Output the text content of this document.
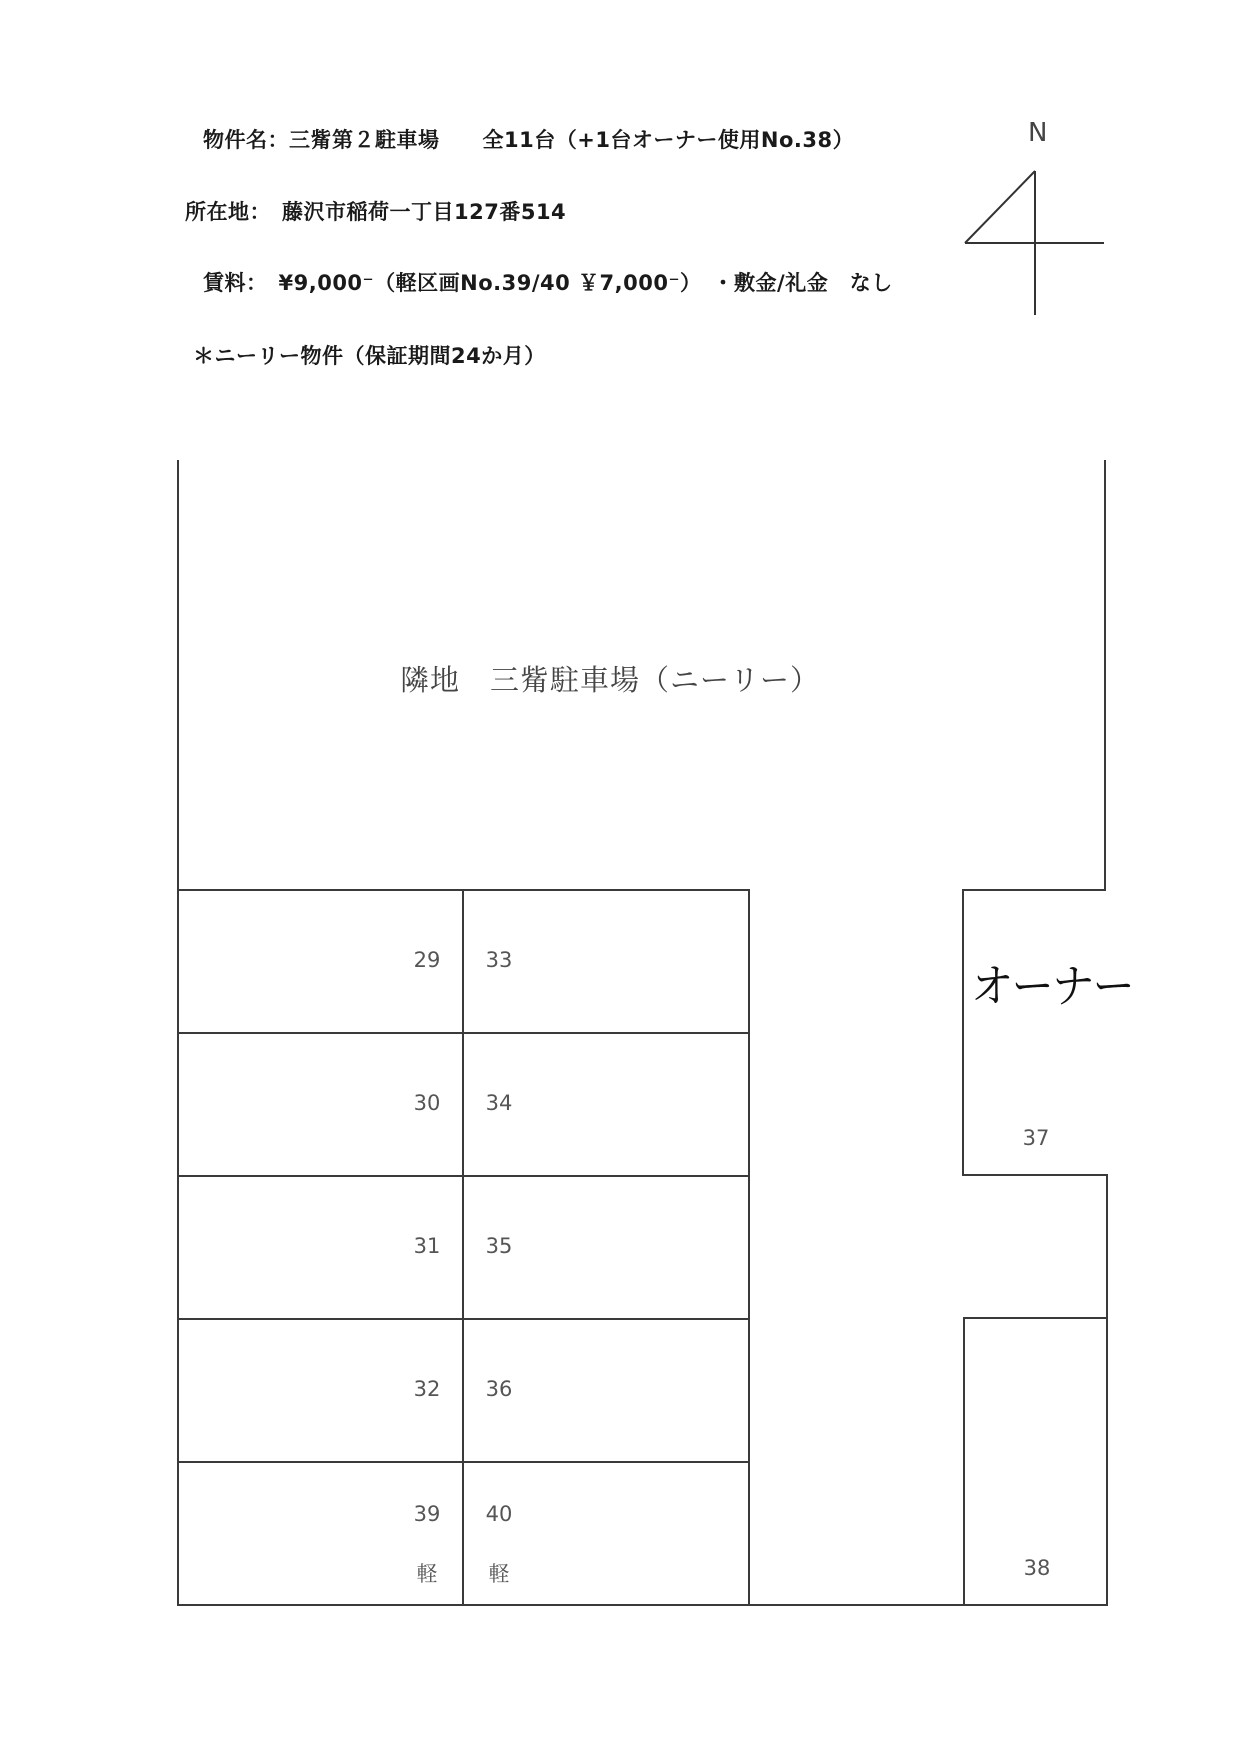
物件名：三觜第２駐車場　　全11台（+1台オーナー使用No.38）
所在地：　藤沢市稲荷一丁目127番514
賃料：　¥9,000⁻（軽区画No.39/40 ￥7,000⁻）　・敷金/礼金　なし
＊ニーリー物件（保証期間24か月）
N
隣地　三觜駐車場（ニーリー）
29
30
31
32
39
軽
33
34
35
36
40
軽
37
38
オーナー
